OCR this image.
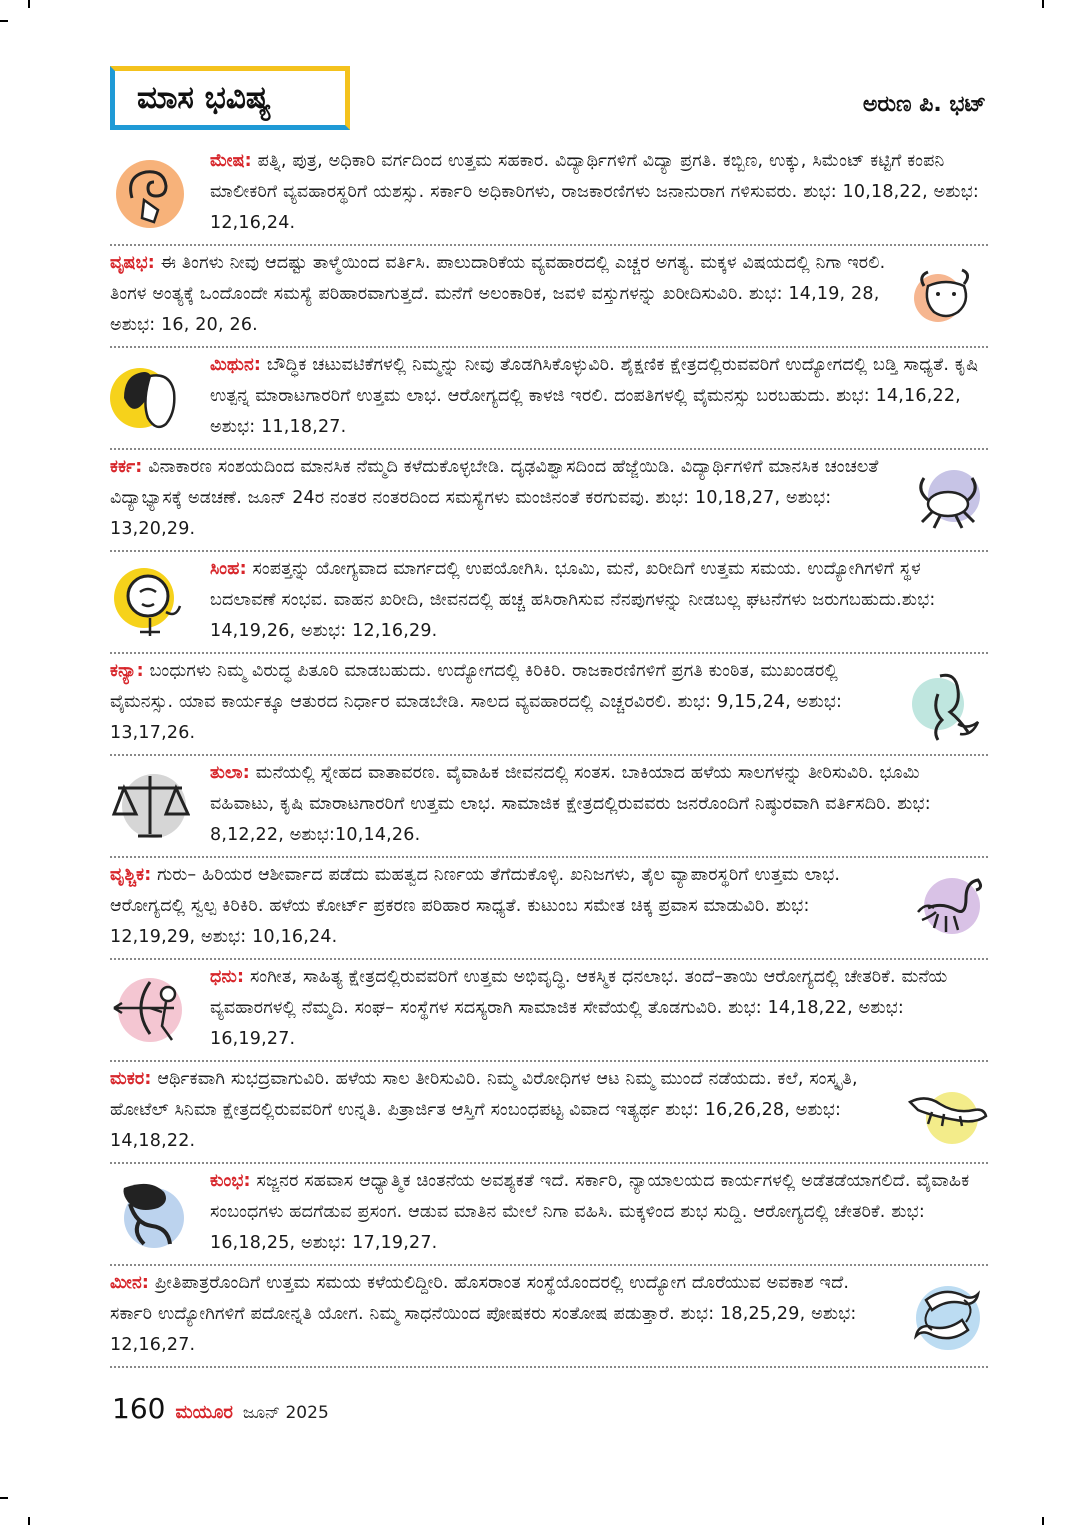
ಮಾಸ ಭವಿಷ್ಯ	ಅರುಣ ಪಿ. ಭಟ್
ಮೇಷ: ಪತ್ನಿ, ಪುತ್ರ, ಅಧಿಕಾರಿ ವರ್ಗದಿಂದ ಉತ್ತಮ ಸಹಕಾರ. ವಿದ್ಯಾರ್ಥಿಗಳಿಗೆ ವಿದ್ಯಾ ಪ್ರಗತಿ. ಕಬ್ಬಿಣ, ಉಕ್ಕು, ಸಿಮೆಂಟ್ ಕಟ್ಟಿಗೆ ಕಂಪನಿ ಮಾಲೀಕರಿಗೆ ವ್ಯವಹಾರಸ್ಥರಿಗೆ ಯಶಸ್ಸು. ಸರ್ಕಾರಿ ಅಧಿಕಾರಿಗಳು, ರಾಜಕಾರಣಿಗಳು ಜನಾನುರಾಗ ಗಳಿಸುವರು. ಶುಭ: 10,18,22, ಅಶುಭ: 12,16,24.
ವೃಷಭ: ಈ ತಿಂಗಳು ನೀವು ಆದಷ್ಟು ತಾಳ್ಮೆಯಿಂದ ವರ್ತಿಸಿ. ಪಾಲುದಾರಿಕೆಯ ವ್ಯವಹಾರದಲ್ಲಿ ಎಚ್ಚರ ಅಗತ್ಯ. ಮಕ್ಕಳ ವಿಷಯದಲ್ಲಿ ನಿಗಾ ಇರಲಿ. ತಿಂಗಳ ಅಂತ್ಯಕ್ಕೆ ಒಂದೊಂದೇ ಸಮಸ್ಯೆ ಪರಿಹಾರವಾಗುತ್ತದೆ. ಮನೆಗೆ ಅಲಂಕಾರಿಕ, ಜವಳಿ ವಸ್ತುಗಳನ್ನು ಖರೀದಿಸುವಿರಿ. ಶುಭ: 14,19, 28, ಅಶುಭ: 16, 20, 26.
ಮಿಥುನ: ಬೌದ್ಧಿಕ ಚಟುವಟಿಕೆಗಳಲ್ಲಿ ನಿಮ್ಮನ್ನು ನೀವು ತೊಡಗಿಸಿಕೊಳ್ಳುವಿರಿ. ಶೈಕ್ಷಣಿಕ ಕ್ಷೇತ್ರದಲ್ಲಿರುವವರಿಗೆ ಉದ್ಯೋಗದಲ್ಲಿ ಬಡ್ತಿ ಸಾಧ್ಯತೆ. ಕೃಷಿ ಉತ್ಪನ್ನ ಮಾರಾಟಗಾರರಿಗೆ ಉತ್ತಮ ಲಾಭ. ಆರೋಗ್ಯದಲ್ಲಿ ಕಾಳಜಿ ಇರಲಿ. ದಂಪತಿಗಳಲ್ಲಿ ವೈಮನಸ್ಸು ಬರಬಹುದು. ಶುಭ: 14,16,22, ಅಶುಭ: 11,18,27.
ಕರ್ಕ: ವಿನಾಕಾರಣ ಸಂಶಯದಿಂದ ಮಾನಸಿಕ ನೆಮ್ಮದಿ ಕಳೆದುಕೊಳ್ಳಬೇಡಿ. ದೃಢವಿಶ್ವಾಸದಿಂದ ಹೆಜ್ಜೆಯಿಡಿ. ವಿದ್ಯಾರ್ಥಿಗಳಿಗೆ ಮಾನಸಿಕ ಚಂಚಲತೆ ವಿದ್ಯಾಭ್ಯಾಸಕ್ಕೆ ಅಡಚಣೆ. ಜೂನ್ 24ರ ನಂತರ ನಂತರದಿಂದ ಸಮಸ್ಯೆಗಳು ಮಂಜಿನಂತೆ ಕರಗುವವು. ಶುಭ: 10,18,27, ಅಶುಭ: 13,20,29.
ಸಿಂಹ: ಸಂಪತ್ತನ್ನು ಯೋಗ್ಯವಾದ ಮಾರ್ಗದಲ್ಲಿ ಉಪಯೋಗಿಸಿ. ಭೂಮಿ, ಮನೆ, ಖರೀದಿಗೆ ಉತ್ತಮ ಸಮಯ. ಉದ್ಯೋಗಿಗಳಿಗೆ ಸ್ಥಳ ಬದಲಾವಣೆ ಸಂಭವ. ವಾಹನ ಖರೀದಿ, ಜೀವನದಲ್ಲಿ ಹಚ್ಚ ಹಸಿರಾಗಿಸುವ ನೆನಪುಗಳನ್ನು ನೀಡಬಲ್ಲ ಘಟನೆಗಳು ಜರುಗಬಹುದು.ಶುಭ: 14,19,26, ಅಶುಭ: 12,16,29.
ಕನ್ಯಾ: ಬಂಧುಗಳು ನಿಮ್ಮ ವಿರುದ್ಧ ಪಿತೂರಿ ಮಾಡಬಹುದು. ಉದ್ಯೋಗದಲ್ಲಿ ಕಿರಿಕಿರಿ. ರಾಜಕಾರಣಿಗಳಿಗೆ ಪ್ರಗತಿ ಕುಂಠಿತ, ಮುಖಂಡರಲ್ಲಿ ವೈಮನಸ್ಸು. ಯಾವ ಕಾರ್ಯಕ್ಕೂ ಆತುರದ ನಿರ್ಧಾರ ಮಾಡಬೇಡಿ. ಸಾಲದ ವ್ಯವಹಾರದಲ್ಲಿ ಎಚ್ಚರವಿರಲಿ. ಶುಭ: 9,15,24, ಅಶುಭ: 13,17,26.
ತುಲಾ: ಮನೆಯಲ್ಲಿ ಸ್ನೇಹದ ವಾತಾವರಣ. ವೈವಾಹಿಕ ಜೀವನದಲ್ಲಿ ಸಂತಸ. ಬಾಕಿಯಾದ ಹಳೆಯ ಸಾಲಗಳನ್ನು ತೀರಿಸುವಿರಿ. ಭೂಮಿ ವಹಿವಾಟು, ಕೃಷಿ ಮಾರಾಟಗಾರರಿಗೆ ಉತ್ತಮ ಲಾಭ. ಸಾಮಾಜಿಕ ಕ್ಷೇತ್ರದಲ್ಲಿರುವವರು ಜನರೊಂದಿಗೆ ನಿಷ್ಠುರವಾಗಿ ವರ್ತಿಸದಿರಿ. ಶುಭ: 8,12,22, ಅಶುಭ:10,14,26.
ವೃಶ್ಚಿಕ: ಗುರು– ಹಿರಿಯರ ಆಶೀರ್ವಾದ ಪಡೆದು ಮಹತ್ವದ ನಿರ್ಣಯ ತೆಗೆದುಕೊಳ್ಳಿ. ಖನಿಜಗಳು, ತೈಲ ವ್ಯಾಪಾರಸ್ಥರಿಗೆ ಉತ್ತಮ ಲಾಭ. ಆರೋಗ್ಯದಲ್ಲಿ ಸ್ವಲ್ಪ ಕಿರಿಕಿರಿ. ಹಳೆಯ ಕೋರ್ಟ್ ಪ್ರಕರಣ ಪರಿಹಾರ ಸಾಧ್ಯತೆ. ಕುಟುಂಬ ಸಮೇತ ಚಿಕ್ಕ ಪ್ರವಾಸ ಮಾಡುವಿರಿ. ಶುಭ: 12,19,29, ಅಶುಭ: 10,16,24.
ಧನು: ಸಂಗೀತ, ಸಾಹಿತ್ಯ ಕ್ಷೇತ್ರದಲ್ಲಿರುವವರಿಗೆ ಉತ್ತಮ ಅಭಿವೃದ್ಧಿ. ಆಕಸ್ಮಿಕ ಧನಲಾಭ. ತಂದೆ–ತಾಯಿ ಆರೋಗ್ಯದಲ್ಲಿ ಚೇತರಿಕೆ. ಮನೆಯ ವ್ಯವಹಾರಗಳಲ್ಲಿ ನೆಮ್ಮದಿ. ಸಂಘ– ಸಂಸ್ಥೆಗಳ ಸದಸ್ಯರಾಗಿ ಸಾಮಾಜಿಕ ಸೇವೆಯಲ್ಲಿ ತೊಡಗುವಿರಿ. ಶುಭ: 14,18,22, ಅಶುಭ: 16,19,27.
ಮಕರ: ಆರ್ಥಿಕವಾಗಿ ಸುಭದ್ರವಾಗುವಿರಿ. ಹಳೆಯ ಸಾಲ ತೀರಿಸುವಿರಿ. ನಿಮ್ಮ ವಿರೋಧಿಗಳ ಆಟ ನಿಮ್ಮ ಮುಂದೆ ನಡೆಯದು. ಕಲೆ, ಸಂಸ್ಕೃತಿ, ಹೋಟೆಲ್ ಸಿನಿಮಾ ಕ್ಷೇತ್ರದಲ್ಲಿರುವವರಿಗೆ ಉನ್ನತಿ. ಪಿತ್ರಾರ್ಜಿತ ಆಸ್ತಿಗೆ ಸಂಬಂಧಪಟ್ಟ ವಿವಾದ ಇತ್ಯರ್ಥ ಶುಭ: 16,26,28, ಅಶುಭ: 14,18,22.
ಕುಂಭ: ಸಜ್ಜನರ ಸಹವಾಸ ಆಧ್ಯಾತ್ಮಿಕ ಚಿಂತನೆಯ ಅವಶ್ಯಕತೆ ಇದೆ. ಸರ್ಕಾರಿ, ನ್ಯಾಯಾಲಯದ ಕಾರ್ಯಗಳಲ್ಲಿ ಅಡೆತಡೆಯಾಗಲಿದೆ. ವೈವಾಹಿಕ ಸಂಬಂಧಗಳು ಹದಗೆಡುವ ಪ್ರಸಂಗ. ಆಡುವ ಮಾತಿನ ಮೇಲೆ ನಿಗಾ ವಹಿಸಿ. ಮಕ್ಕಳಿಂದ ಶುಭ ಸುದ್ದಿ. ಆರೋಗ್ಯದಲ್ಲಿ ಚೇತರಿಕೆ. ಶುಭ: 16,18,25, ಅಶುಭ: 17,19,27.
ಮೀನ: ಪ್ರೀತಿಪಾತ್ರರೊಂದಿಗೆ ಉತ್ತಮ ಸಮಯ ಕಳೆಯಲಿದ್ದೀರಿ. ಹೊಸರಾಂತ ಸಂಸ್ಥೆಯೊಂದರಲ್ಲಿ ಉದ್ಯೋಗ ದೊರೆಯುವ ಅವಕಾಶ ಇದೆ. ಸರ್ಕಾರಿ ಉದ್ಯೋಗಿಗಳಿಗೆ ಪದೋನ್ನತಿ ಯೋಗ. ನಿಮ್ಮ ಸಾಧನೆಯಿಂದ ಪೋಷಕರು ಸಂತೋಷ ಪಡುತ್ತಾರೆ. ಶುಭ: 18,25,29, ಅಶುಭ: 12,16,27.
160 ಮಯೂರ ಜೂನ್ 2025
